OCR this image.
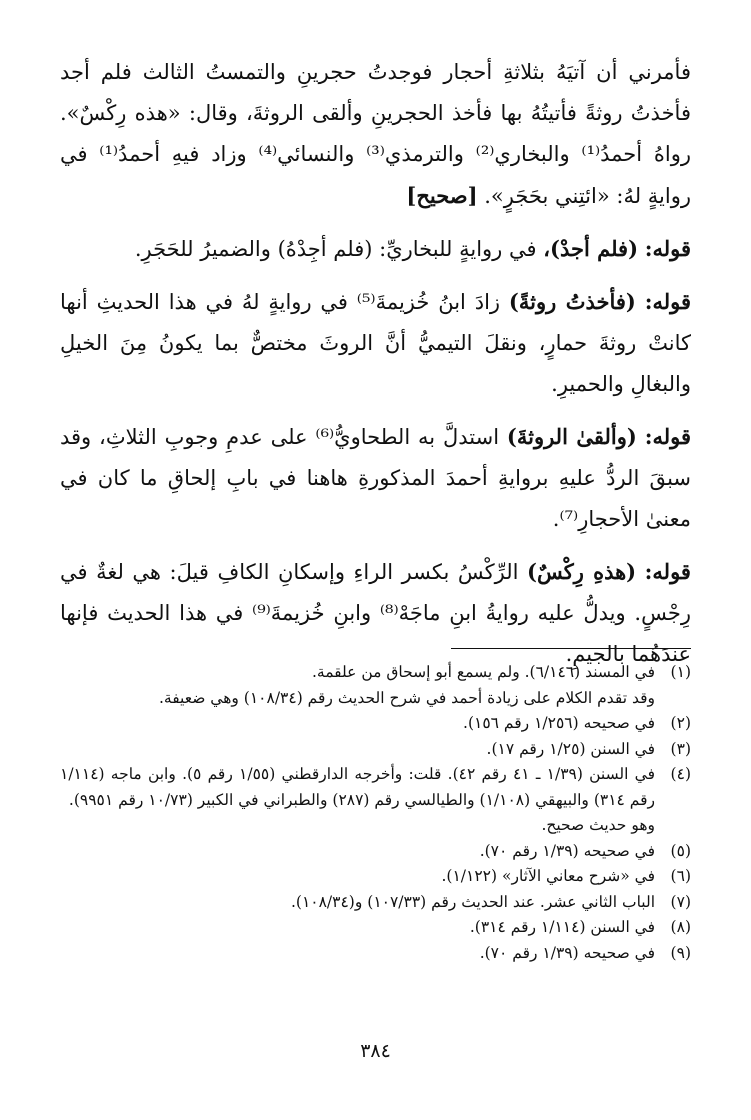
فأمرني أن آتيَهُ بثلاثةِ أحجار فوجدتُ حجرينِ والتمستُ الثالث فلم أجد فأخذتُ روثةً فأتيتُهُ بها فأخذ الحجرينِ وألقى الروثةَ، وقال: «هذه رِكْسٌ». رواهُ أحمدُ⁽¹⁾ والبخاري⁽²⁾ والترمذي⁽³⁾ والنسائي⁽⁴⁾ وزاد فيهِ أحمدُ⁽¹⁾ في روايةٍ لهُ: «ائتِني بحَجَرٍ». [صحيح]

قوله: (فلم أجدْ)، في روايةٍ للبخاريِّ: (فلم أجِدْهُ) والضميرُ للحَجَرِ.

قوله: (فأخذتُ روثةً) زادَ ابنُ خُزيمةَ⁽⁵⁾ في روايةٍ لهُ في هذا الحديثِ أنها كانتْ روثةَ حمارٍ، ونقلَ التيميُّ أنَّ الروثَ مختصٌّ بما يكونُ مِنَ الخيلِ والبغالِ والحميرِ.

قوله: (وألقىٰ الروثةَ) استدلَّ به الطحاويُّ⁽⁶⁾ على عدمِ وجوبِ الثلاثِ، وقد سبقَ الردُّ عليهِ بروايةِ أحمدَ المذكورةِ هاهنا في بابِ إلحاقِ ما كان في معنىٰ الأحجارِ⁽⁷⁾.

قوله: (هذهِ رِكْسٌ) الرِّكْسُ بكسر الراءِ وإسكانِ الكافِ قيلَ: هي لغةٌ في رِجْسٍ. ويدلُّ عليه روايةُ ابنِ ماجَهْ⁽⁸⁾ وابنِ خُزيمةَ⁽⁹⁾ في هذا الحديث فإنها عندَهُما بالجيمِ.

(١)
في المسند (٦/١٤٦). ولم يسمع أبو إسحاق من علقمة.
وقد تقدم الكلام على زيادة أحمد في شرح الحديث رقم (١٠٨/٣٤) وهي ضعيفة.
(٢)
في صحيحه (١/٢٥٦ رقم ١٥٦).
(٣)
في السنن (١/٢٥ رقم ١٧).
(٤)
في السنن (١/٣٩ ـ ٤١ رقم ٤٢). قلت: وأخرجه الدارقطني (١/٥٥ رقم ٥). وابن ماجه (١/١١٤ رقم ٣١٤) والبيهقي (١/١٠٨) والطيالسي رقم (٢٨٧) والطبراني في الكبير (١٠/٧٣ رقم ٩٩٥١).
وهو حديث صحيح.
(٥)
في صحيحه (١/٣٩ رقم ٧٠).
(٦)
في «شرح معاني الآثار» (١/١٢٢).
(٧)
الباب الثاني عشر. عند الحديث رقم (١٠٧/٣٣) و(١٠٨/٣٤).
(٨)
في السنن (١/١١٤ رقم ٣١٤).
(٩)
في صحيحه (١/٣٩ رقم ٧٠).
٣٨٤
